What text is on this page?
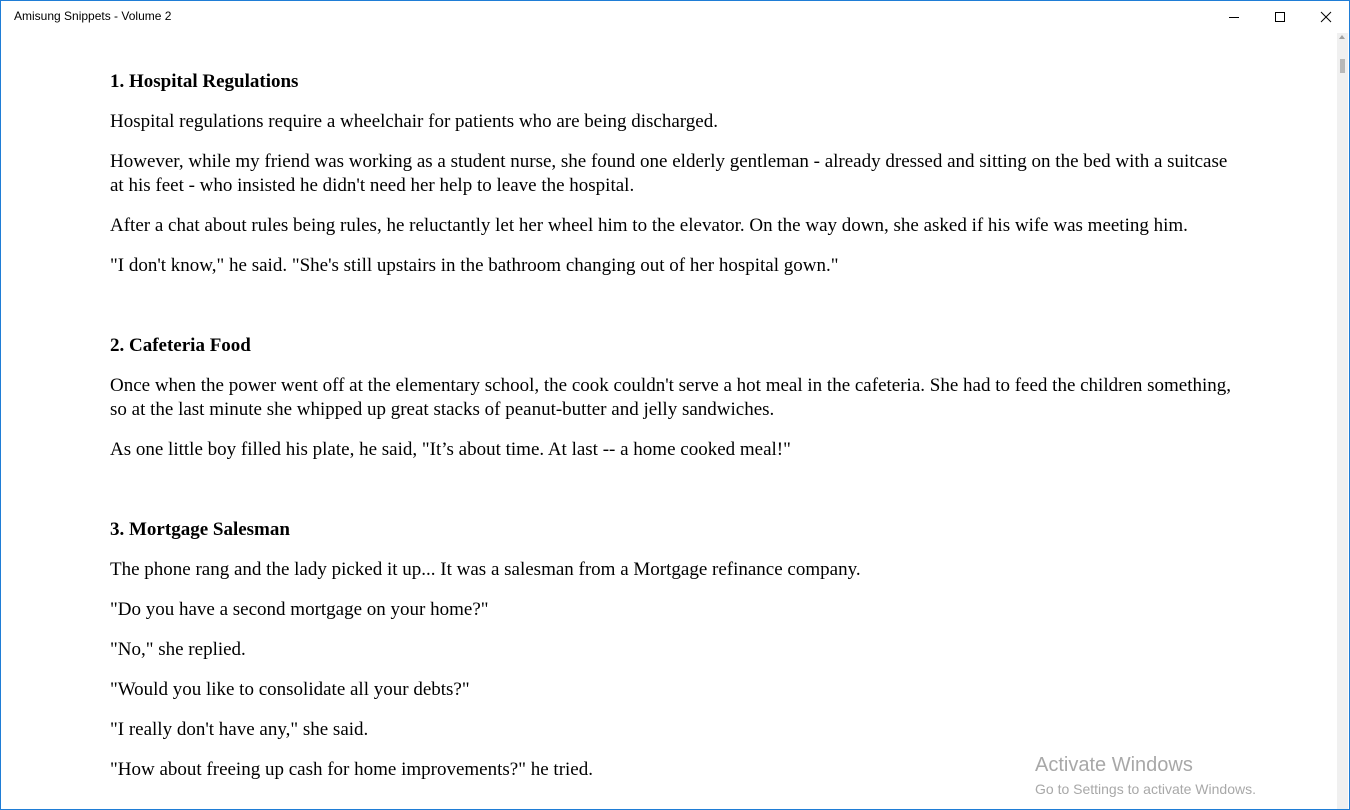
Amisung Snippets - Volume 2
1. Hospital Regulations

Hospital regulations require a wheelchair for patients who are being discharged.

However, while my friend was working as a student nurse, she found one elderly gentleman - already dressed and sitting on the bed with a suitcase at his feet - who insisted he didn't need her help to leave the hospital.

After a chat about rules being rules, he reluctantly let her wheel him to the elevator. On the way down, she asked if his wife was meeting him.

"I don't know," he said. "She's still upstairs in the bathroom changing out of her hospital gown."

2. Cafeteria Food

Once when the power went off at the elementary school, the cook couldn't serve a hot meal in the cafeteria. She had to feed the children something, so at the last minute she whipped up great stacks of peanut-butter and jelly sandwiches.

As one little boy filled his plate, he said, "It’s about time. At last -- a home cooked meal!"

3. Mortgage Salesman

The phone rang and the lady picked it up... It was a salesman from a Mortgage refinance company.

"Do you have a second mortgage on your home?"

"No," she replied.

"Would you like to consolidate all your debts?"

"I really don't have any," she said.

"How about freeing up cash for home improvements?" he tried.	Activate Windows
Go to Settings to activate Windows.
